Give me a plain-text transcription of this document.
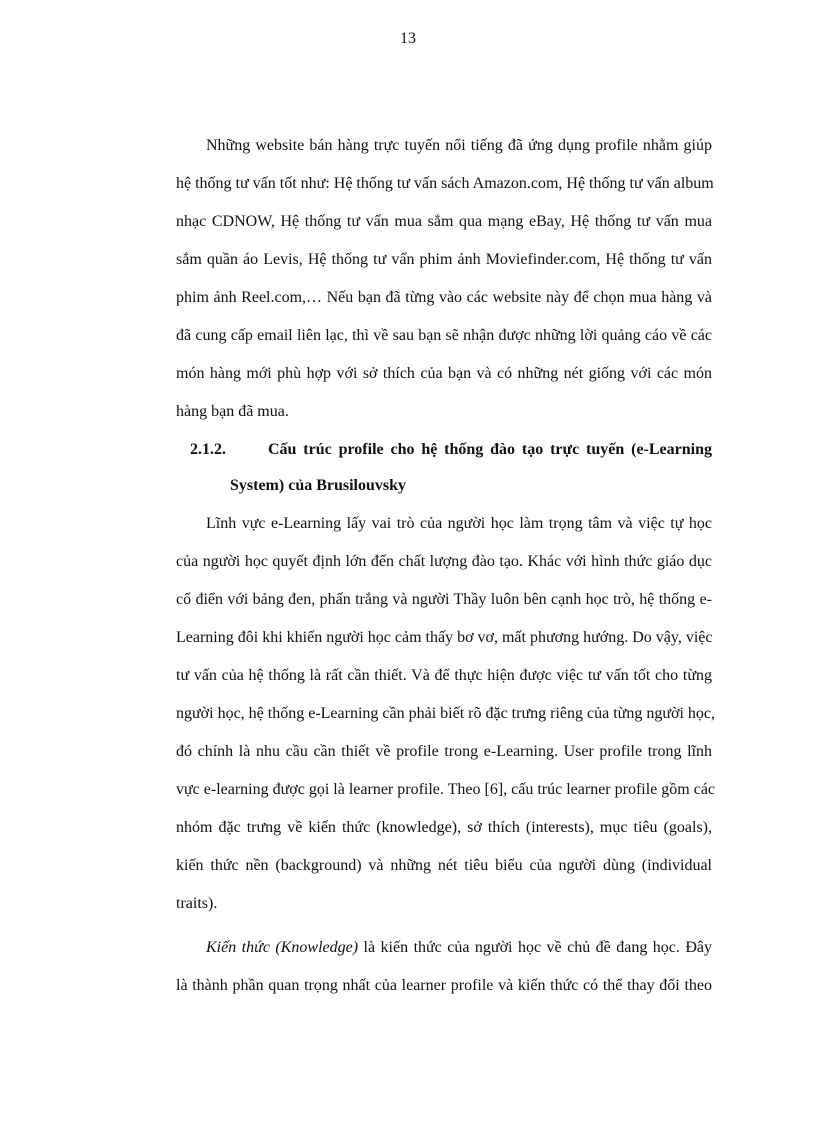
13
Những website bán hàng trực tuyến nổi tiếng đã ứng dụng profile nhằm giúp
hệ thống tư vấn tốt như: Hệ thống tư vấn sách Amazon.com, Hệ thống tư vấn album
nhạc CDNOW, Hệ thống tư vấn mua sắm qua mạng eBay, Hệ thống tư vấn mua
sắm quần áo Levis, Hệ thống tư vấn phim ảnh Moviefinder.com, Hệ thống tư vấn
phim ảnh Reel.com,… Nếu bạn đã từng vào các website này để chọn mua hàng và
đã cung cấp email liên lạc, thì về sau bạn sẽ nhận được những lời quảng cáo về các
món hàng mới phù hợp với sở thích của bạn và có những nét giống với các món
hàng bạn đã mua.
2.1.2.	Cấu trúc profile cho hệ thống đào tạo trực tuyến (e-Learning
System) của Brusilouvsky
Lĩnh vực e-Learning lấy vai trò của người học làm trọng tâm và việc tự học
của người học quyết định lớn đến chất lượng đào tạo. Khác với hình thức giáo dục
cổ điển với bảng đen, phấn trắng và người Thầy luôn bên cạnh học trò, hệ thống e-
Learning đôi khi khiến người học cảm thấy bơ vơ, mất phương hướng. Do vậy, việc
tư vấn của hệ thống là rất cần thiết. Và để thực hiện được việc tư vấn tốt cho từng
người học, hệ thống e-Learning cần phải biết rõ đặc trưng riêng của từng người học,
đó chính là nhu cầu cần thiết về profile trong e-Learning. User profile trong lĩnh
vực e-learning được gọi là learner profile. Theo [6], cấu trúc learner profile gồm các
nhóm đặc trưng về kiến thức (knowledge), sở thích (interests), mục tiêu (goals),
kiến thức nền (background) và những nét tiêu biểu của người dùng (individual
traits).
Kiến thức (Knowledge) là kiến thức của người học về chủ đề đang học. Đây
là thành phần quan trọng nhất của learner profile và kiến thức có thể thay đổi theo
